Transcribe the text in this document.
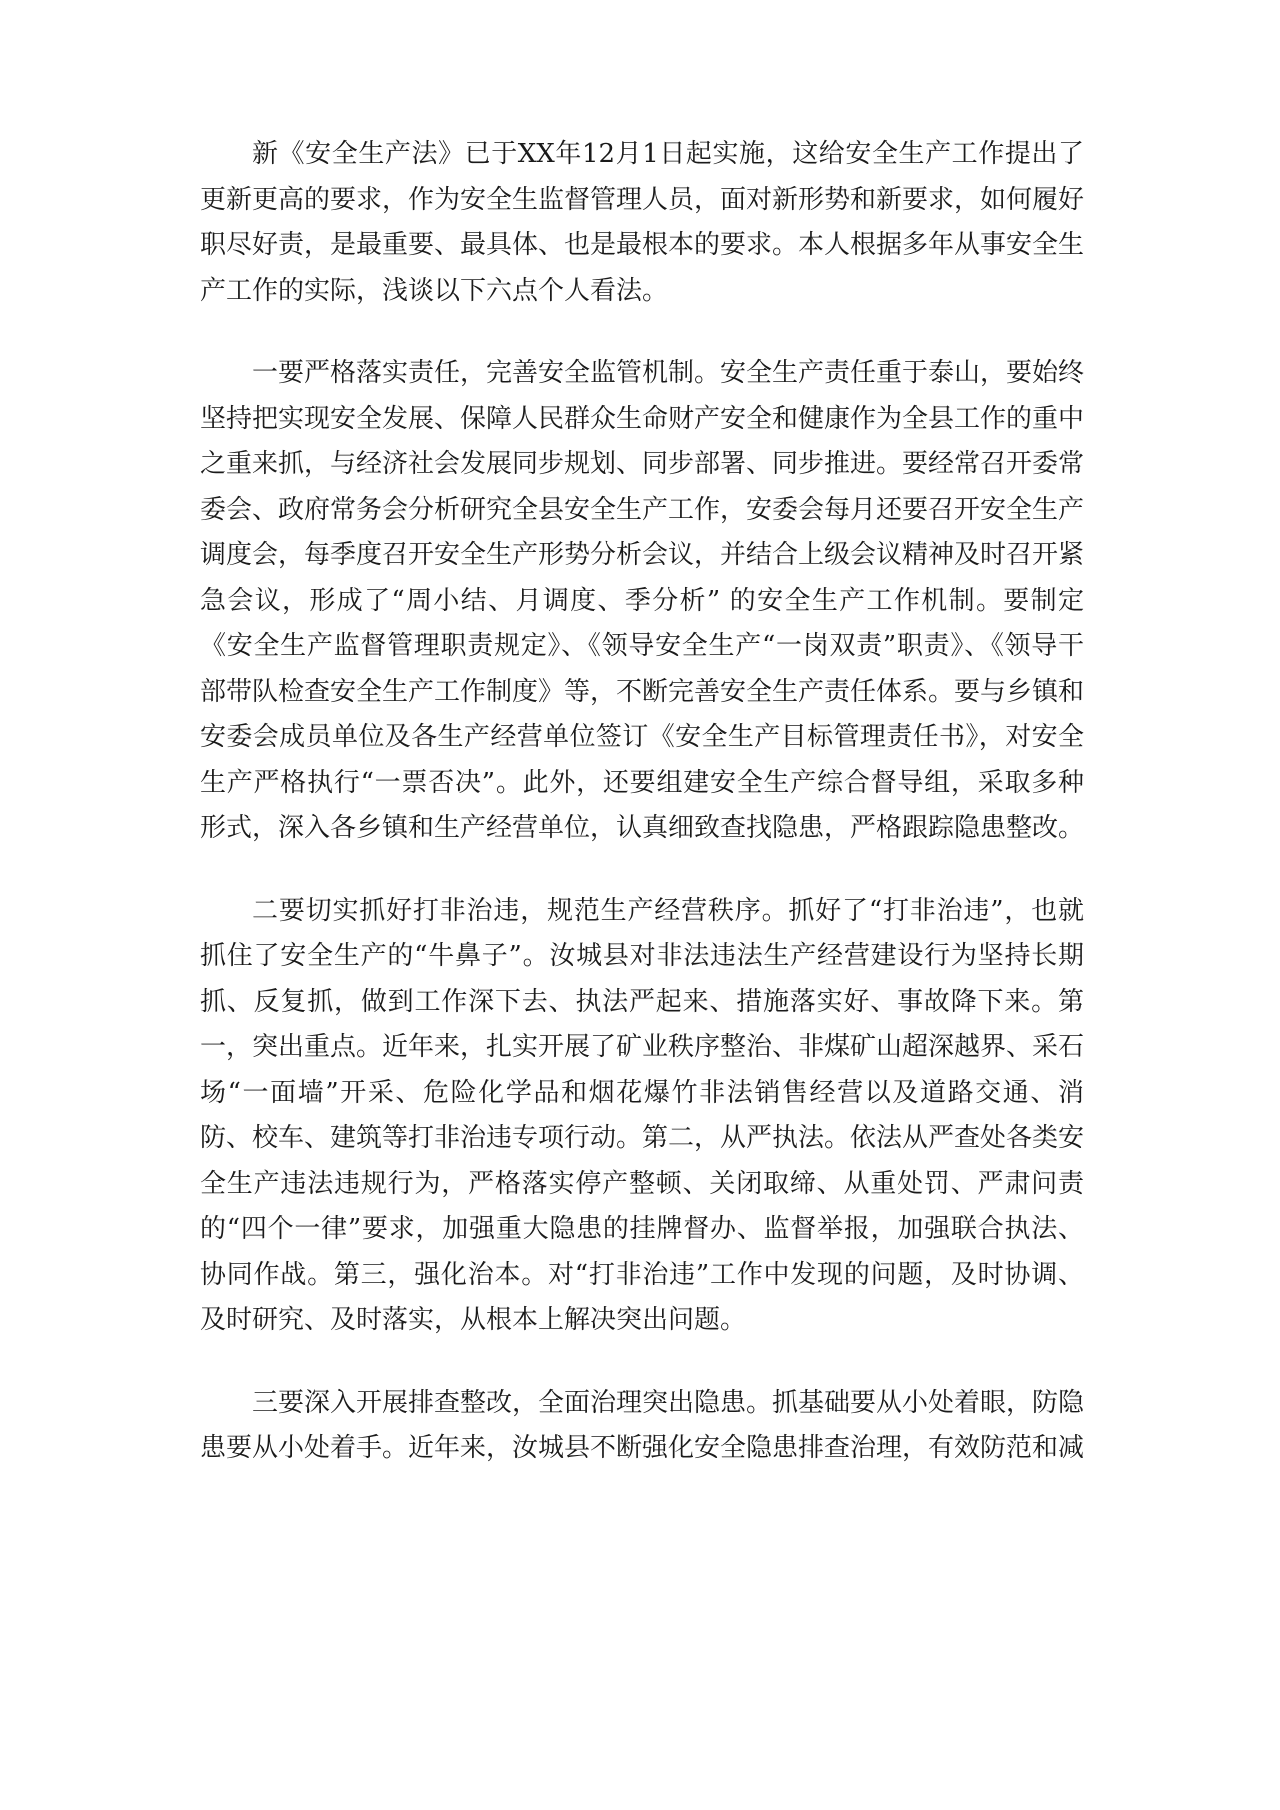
新《安全生产法》已于XX年12月1日起实施，这给安全生产工作提出了更新更高的要求，作为安全生监督管理人员，面对新形势和新要求，如何履好职尽好责，是最重要、最具体、也是最根本的要求。本人根据多年从事安全生产工作的实际，浅谈以下六点个人看法。

一要严格落实责任，完善安全监管机制。安全生产责任重于泰山，要始终坚持把实现安全发展、保障人民群众生命财产安全和健康作为全县工作的重中之重来抓，与经济社会发展同步规划、同步部署、同步推进。要经常召开委常委会、政府常务会分析研究全县安全生产工作，安委会每月还要召开安全生产调度会，每季度召开安全生产形势分析会议，并结合上级会议精神及时召开紧急会议，形成了“周小结、月调度、季分析” 的安全生产工作机制。要制定《安全生产监督管理职责规定》、《领导安全生产“一岗双责”职责》、《领导干部带队检查安全生产工作制度》等，不断完善安全生产责任体系。要与乡镇和安委会成员单位及各生产经营单位签订《安全生产目标管理责任书》，对安全生产严格执行“一票否决”。此外，还要组建安全生产综合督导组，采取多种形式，深入各乡镇和生产经营单位，认真细致查找隐患，严格跟踪隐患整改。

二要切实抓好打非治违，规范生产经营秩序。抓好了“打非治违”，也就抓住了安全生产的“牛鼻子”。汝城县对非法违法生产经营建设行为坚持长期抓、反复抓，做到工作深下去、执法严起来、措施落实好、事故降下来。第一，突出重点。近年来，扎实开展了矿业秩序整治、非煤矿山超深越界、采石场“一面墙”开采、危险化学品和烟花爆竹非法销售经营以及道路交通、消防、校车、建筑等打非治违专项行动。第二，从严执法。依法从严查处各类安全生产违法违规行为，严格落实停产整顿、关闭取缔、从重处罚、严肃问责的“四个一律”要求，加强重大隐患的挂牌督办、监督举报，加强联合执法、协同作战。第三，强化治本。对“打非治违”工作中发现的问题，及时协调、及时研究、及时落实，从根本上解决突出问题。

三要深入开展排查整改，全面治理突出隐患。抓基础要从小处着眼，防隐患要从小处着手。近年来，汝城县不断强化安全隐患排查治理，有效防范和减
